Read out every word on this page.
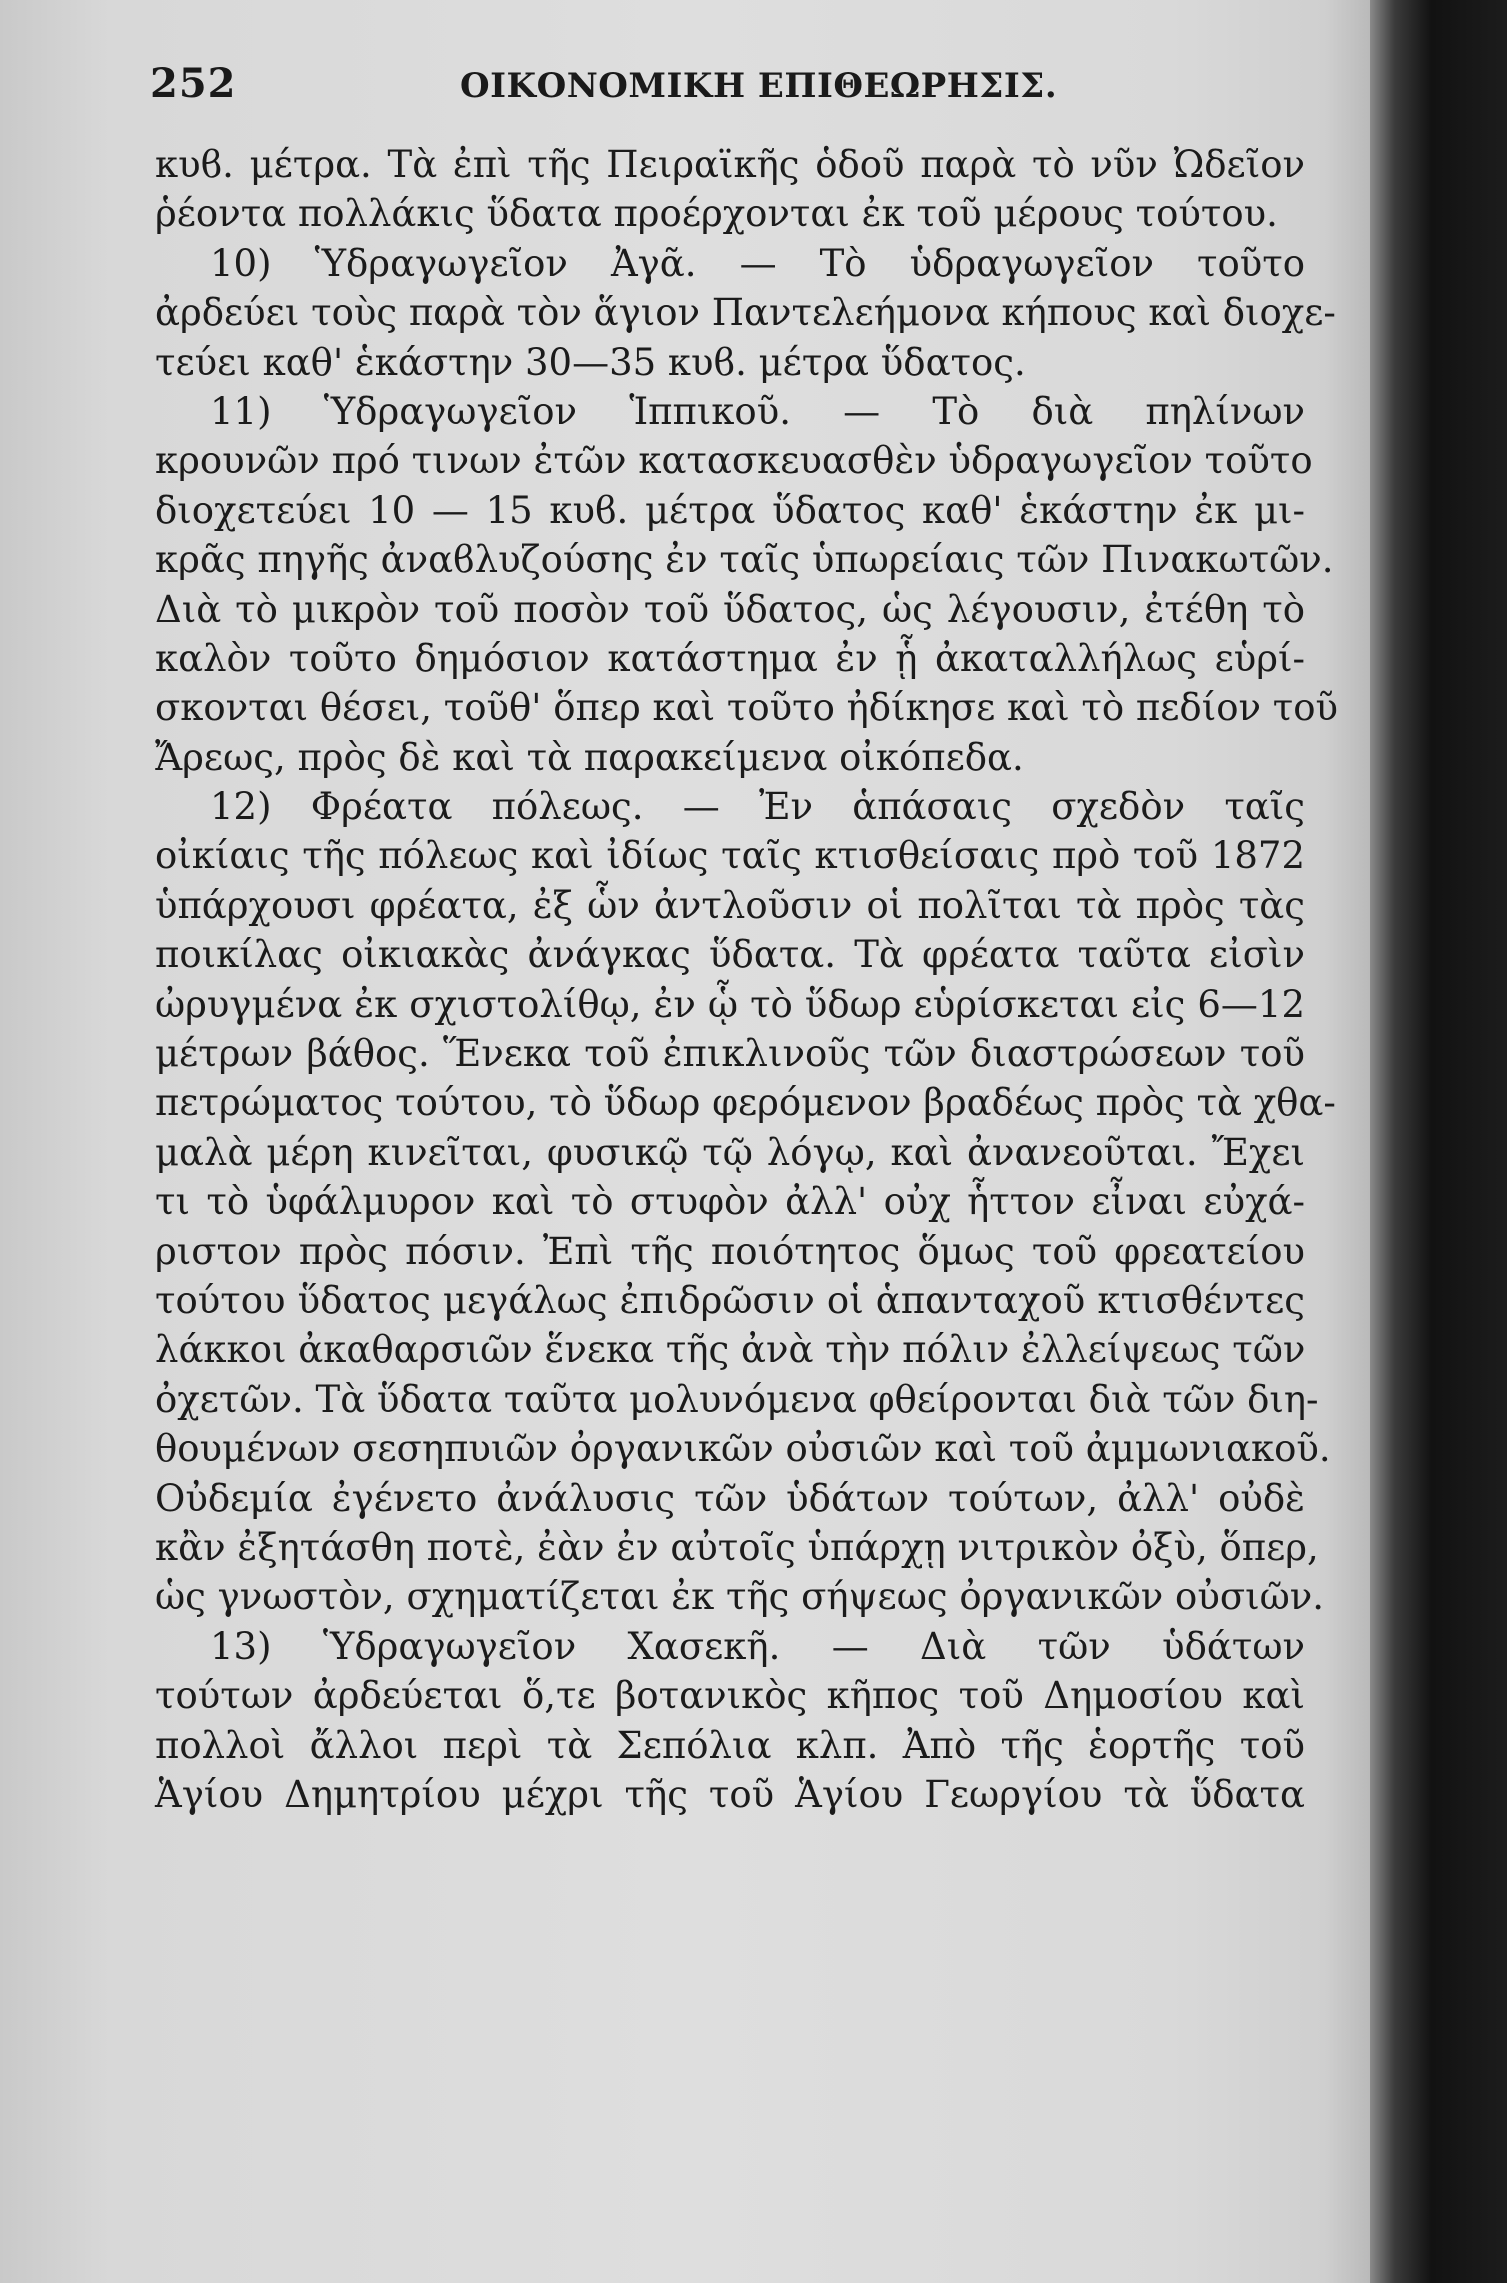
252	ΟΙΚΟΝΟΜΙΚΗ ΕΠΙΘΕΩΡΗΣΙΣ.
κυϐ. μέτρα. Τὰ ἐπὶ τῆς Πειραϊκῆς ὁδοῦ παρὰ τὸ νῦν Ὠδεῖον
ῥέοντα πολλάκις ὕδατα προέρχονται ἐκ τοῦ μέρους τούτου.
10) Ὑδραγωγεῖον Ἀγᾶ. — Τὸ ὑδραγωγεῖον τοῦτο
ἀρδεύει τοὺς παρὰ τὸν ἅγιον Παντελεήμονα κήπους καὶ διοχε-
τεύει καθ' ἑκάστην 30—35 κυϐ. μέτρα ὕδατος.
11) Ὑδραγωγεῖον Ἱππικοῦ. — Τὸ διὰ πηλίνων
κρουνῶν πρό τινων ἐτῶν κατασκευασθὲν ὑδραγωγεῖον τοῦτο
διοχετεύει 10 — 15 κυϐ. μέτρα ὕδατος καθ' ἑκάστην ἐκ μι-
κρᾶς πηγῆς ἀναϐλυζούσης ἐν ταῖς ὑπωρείαις τῶν Πινακωτῶν.
Διὰ τὸ μικρὸν τοῦ ποσὸν τοῦ ὕδατος, ὡς λέγουσιν, ἐτέθη τὸ
καλὸν τοῦτο δημόσιον κατάστημα ἐν ᾗ ἀκαταλλήλως εὑρί-
σκονται θέσει, τοῦθ' ὅπερ καὶ τοῦτο ἠδίκησε καὶ τὸ πεδίον τοῦ
Ἄρεως, πρὸς δὲ καὶ τὰ παρακείμενα οἰκόπεδα.
12) Φρέατα πόλεως. — Ἐν ἁπάσαις σχεδὸν ταῖς
οἰκίαις τῆς πόλεως καὶ ἰδίως ταῖς κτισθείσαις πρὸ τοῦ 1872
ὑπάρχουσι φρέατα, ἐξ ὧν ἀντλοῦσιν οἱ πολῖται τὰ πρὸς τὰς
ποικίλας οἰκιακὰς ἀνάγκας ὕδατα. Τὰ φρέατα ταῦτα εἰσὶν
ὠρυγμένα ἐκ σχιστολίθῳ, ἐν ᾧ τὸ ὕδωρ εὑρίσκεται εἰς 6—12
μέτρων βάθος. Ἕνεκα τοῦ ἐπικλινοῦς τῶν διαστρώσεων τοῦ
πετρώματος τούτου, τὸ ὕδωρ φερόμενον βραδέως πρὸς τὰ χθα-
μαλὰ μέρη κινεῖται, φυσικῷ τῷ λόγῳ, καὶ ἀνανεοῦται. Ἔχει
τι τὸ ὑφάλμυρον καὶ τὸ στυφὸν ἀλλ' οὐχ ἧττον εἶναι εὐχά-
ριστον πρὸς πόσιν. Ἐπὶ τῆς ποιότητος ὅμως τοῦ φρεατείου
τούτου ὕδατος μεγάλως ἐπιδρῶσιν οἱ ἁπανταχοῦ κτισθέντες
λάκκοι ἀκαθαρσιῶν ἕνεκα τῆς ἀνὰ τὴν πόλιν ἐλλείψεως τῶν
ὀχετῶν. Τὰ ὕδατα ταῦτα μολυνόμενα φθείρονται διὰ τῶν διη-
θουμένων σεσηπυιῶν ὀργανικῶν οὐσιῶν καὶ τοῦ ἀμμωνιακοῦ.
Οὐδεμία ἐγένετο ἀνάλυσις τῶν ὑδάτων τούτων, ἀλλ' οὐδὲ
κἂν ἐξητάσθη ποτὲ, ἐὰν ἐν αὐτοῖς ὑπάρχῃ νιτρικὸν ὀξὺ, ὅπερ,
ὡς γνωστὸν, σχηματίζεται ἐκ τῆς σήψεως ὀργανικῶν οὐσιῶν.
13) Ὑδραγωγεῖον Χασεκῆ. — Διὰ τῶν ὑδάτων
τούτων ἀρδεύεται ὅ,τε βοτανικὸς κῆπος τοῦ Δημοσίου καὶ
πολλοὶ ἄλλοι περὶ τὰ Σεπόλια κλπ. Ἀπὸ τῆς ἑορτῆς τοῦ
Ἁγίου Δημητρίου μέχρι τῆς τοῦ Ἁγίου Γεωργίου τὰ ὕδατα
